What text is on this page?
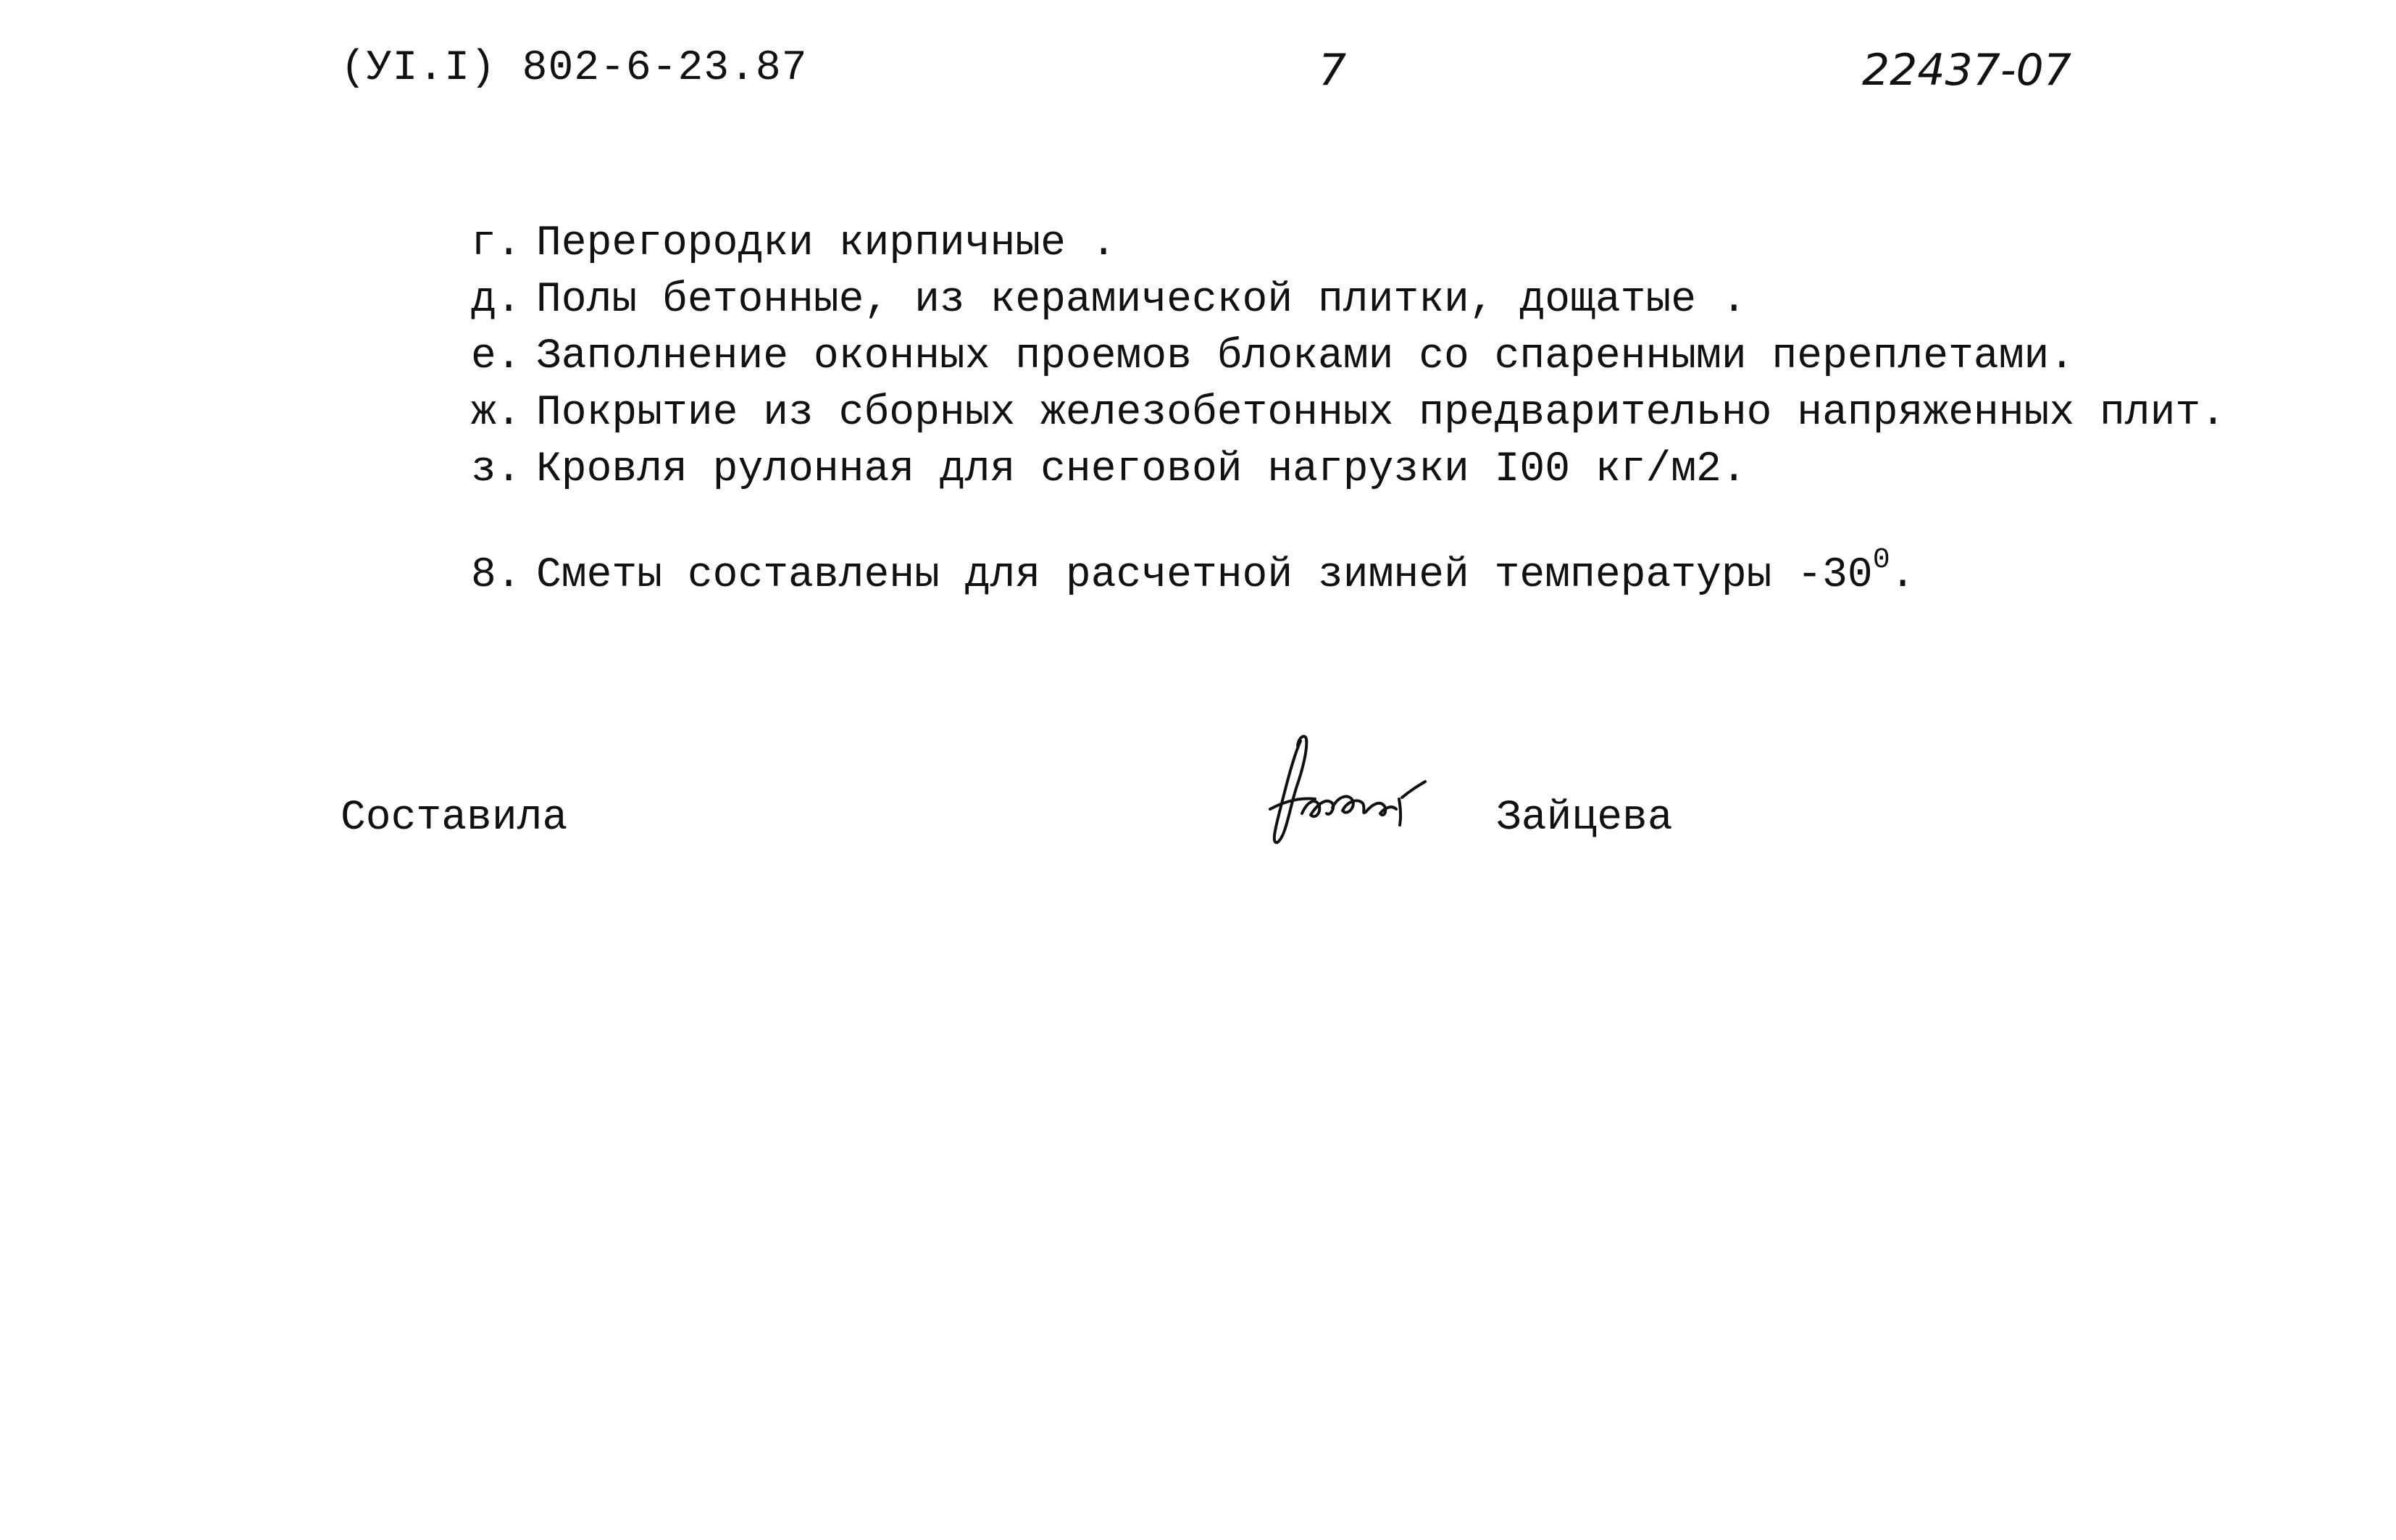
(УI.I) 802-6-23.87	7	22437-07
г. Перегородки кирпичные .
д. Полы бетонные, из керамической плитки, дощатые .
е. Заполнение оконных проемов блоками со спаренными переплетами.
ж. Покрытие из сборных железобетонных предварительно напряженных плит.
з. Кровля рулонная для снеговой нагрузки I00 кг/м2.
8. Сметы составлены для расчетной зимней температуры $-30^0$.
Составила	Зайцева
